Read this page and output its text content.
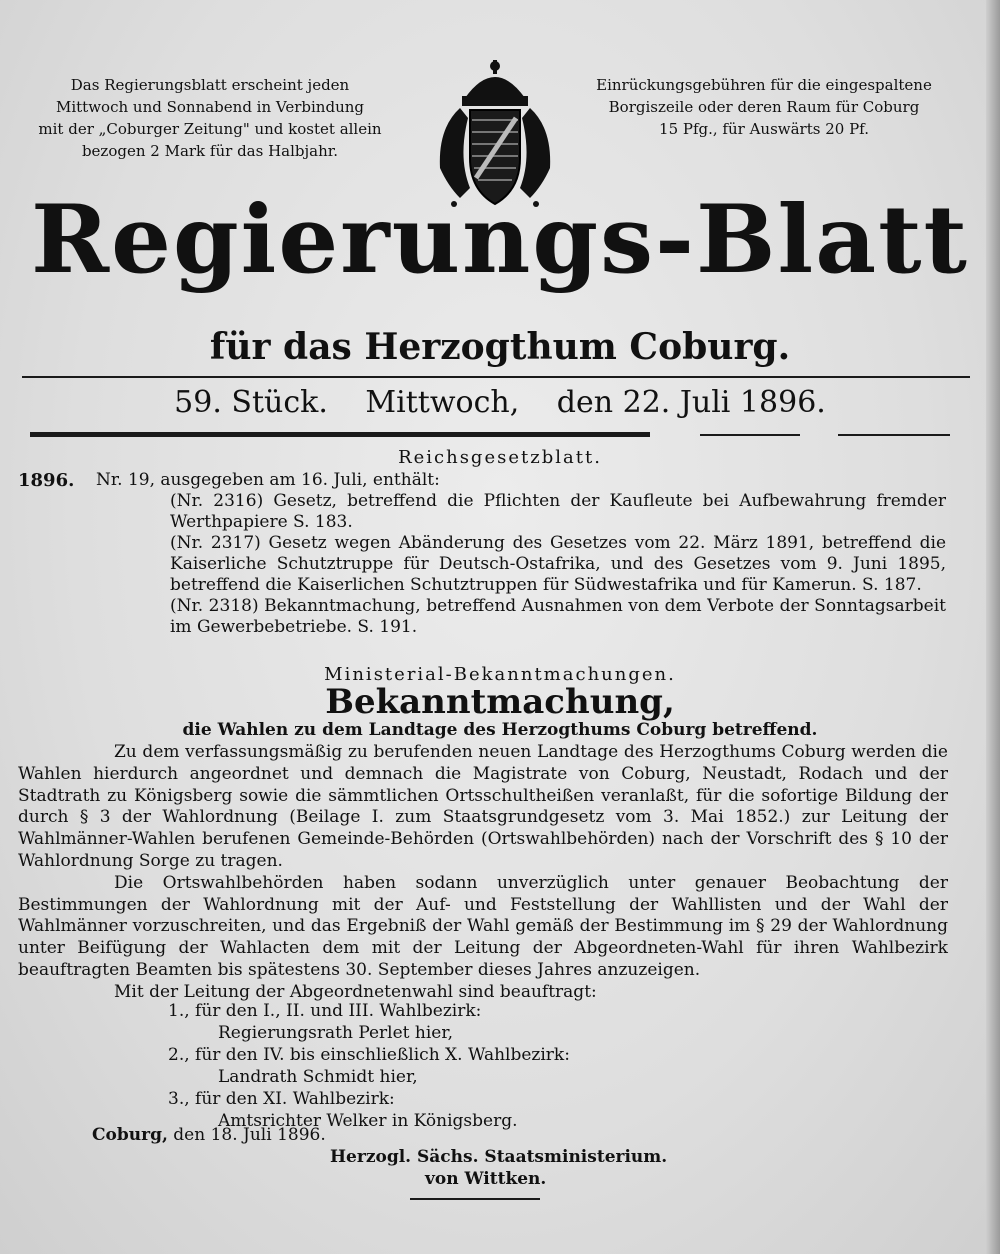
Das Regierungsblatt erscheint jeden
Mittwoch und Sonnabend in Verbindung
mit der „Coburger Zeitung" und kostet allein
bezogen 2 Mark für das Halbjahr.
Einrückungsgebühren für die eingespaltene
Borgiszeile oder deren Raum für Coburg
15 Pfg., für Auswärts 20 Pf.
Regierungs-Blatt
für das Herzogthum Coburg.
59. Stück. Mittwoch, den 22. Juli 1896.
Reichsgesetzblatt.
1896. Nr. 19, ausgegeben am 16. Juli, enthält:
(Nr. 2316) Gesetz, betreffend die Pflichten der Kaufleute bei Aufbewahrung fremder Werthpapiere S. 183.
(Nr. 2317) Gesetz wegen Abänderung des Gesetzes vom 22. März 1891, betreffend die Kaiserliche Schutztruppe für Deutsch-Ostafrika, und des Gesetzes vom 9. Juni 1895, betreffend die Kaiserlichen Schutztruppen für Südwestafrika und für Kamerun. S. 187.
(Nr. 2318) Bekanntmachung, betreffend Ausnahmen von dem Verbote der Sonntagsarbeit im Gewerbebetriebe. S. 191.
Ministerial-Bekanntmachungen.
Bekanntmachung,
die Wahlen zu dem Landtage des Herzogthums Coburg betreffend.

Zu dem verfassungsmäßig zu berufenden neuen Landtage des Herzogthums Coburg werden die Wahlen hierdurch angeordnet und demnach die Magistrate von Coburg, Neustadt, Rodach und der Stadtrath zu Königsberg sowie die sämmtlichen Ortsschultheißen veranlaßt, für die sofortige Bildung der durch § 3 der Wahlordnung (Beilage I. zum Staatsgrundgesetz vom 3. Mai 1852.) zur Leitung der Wahlmänner-Wahlen berufenen Gemeinde-Behörden (Ortswahlbehörden) nach der Vorschrift des § 10 der Wahlordnung Sorge zu tragen.

Die Ortswahlbehörden haben sodann unverzüglich unter genauer Beobachtung der Bestimmungen der Wahlordnung mit der Auf- und Feststellung der Wahllisten und der Wahl der Wahlmänner vorzuschreiten, und das Ergebniß der Wahl gemäß der Bestimmung im § 29 der Wahlordnung unter Beifügung der Wahlacten dem mit der Leitung der Abgeordneten-Wahl für ihren Wahlbezirk beauftragten Beamten bis spätestens 30. September dieses Jahres anzuzeigen.

Mit der Leitung der Abgeordnetenwahl sind beauftragt:

1., für den I., II. und III. Wahlbezirk:
Regierungsrath Perlet hier,
2., für den IV. bis einschließlich X. Wahlbezirk:
Landrath Schmidt hier,
3., für den XI. Wahlbezirk:
Amtsrichter Welker in Königsberg.
Coburg, den 18. Juli 1896.
Herzogl. Sächs. Staatsministerium.
von Wittken.
